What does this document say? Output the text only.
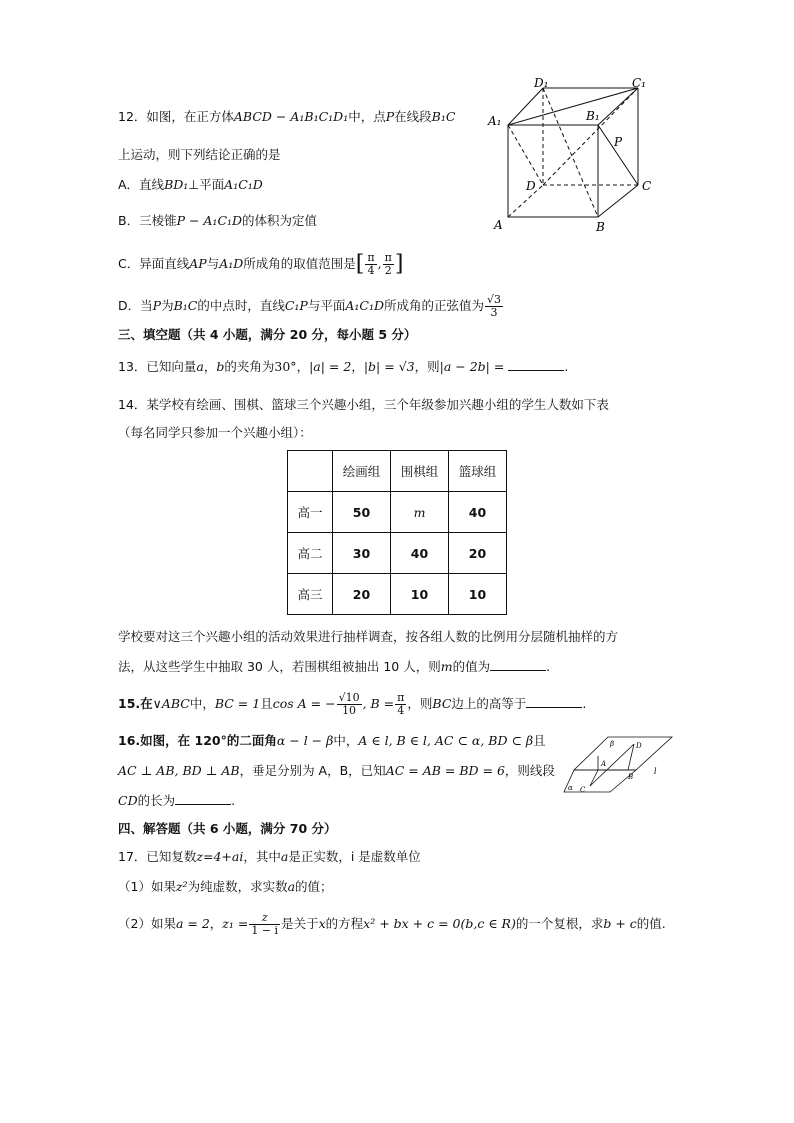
12．如图，在正方体ABCD − A₁B₁C₁D₁中，点P在线段B₁C
上运动，则下列结论正确的是
A．直线BD₁⊥平面A₁C₁D
B．三棱锥P − A₁C₁D的体积为定值
C．异面直线AP与A₁D所成角的取值范围是[ $\frac{\pi}{4}$ , $\frac{\pi}{2}$ ]
D．当P为B₁C的中点时，直线C₁P与平面A₁C₁D所成角的正弦值为 $\frac{√3}{3}$
D₁	C₁
A₁	B₁
P
D	C
A	B
三、填空题（共 4 小题，满分 20 分，每小题 5 分）
13．已知向量a，b的夹角为30°，|a| = 2，|b| = √3，则|a − 2b| =	.
14．某学校有绘画、围棋、篮球三个兴趣小组，三个年级参加兴趣小组的学生人数如下表
（每名同学只参加一个兴趣小组）：
	绘画组	围棋组	篮球组
高一	50	m	40
高二	30	40	20
高三	20	10	10
学校要对这三个兴趣小组的活动效果进行抽样调查，按各组人数的比例用分层随机抽样的方
法，从这些学生中抽取 30 人，若围棋组被抽出 10 人，则m的值为	.
15.在∨ABC中，BC = 1且cos A = − $\frac{√10}{10}$ , $B = \frac{\pi}{4}$ ，则BC边上的高等于	.
16.如图，在 120°的二面角α − l − β中，A ∈ l, B ∈ l, AC ⊂ α, BD ⊂ β且
AC ⊥ AB, BD ⊥ AB，垂足分别为 A，B，已知AC = AB = BD = 6，则线段
CD的长为	.
β	D
A
B
l
C
α
四、解答题（共 6 小题，满分 70 分）
17．已知复数z=4+ai，其中a是正实数，i 是虚数单位
（1）如果z²为纯虚数，求实数a的值；
（2）如果a = 2，$z_1 = \frac{z}{1 - i}$ 是关于x的方程x² + bx + c = 0(b,c ∈ R)的一个复根，求b + c的值.
